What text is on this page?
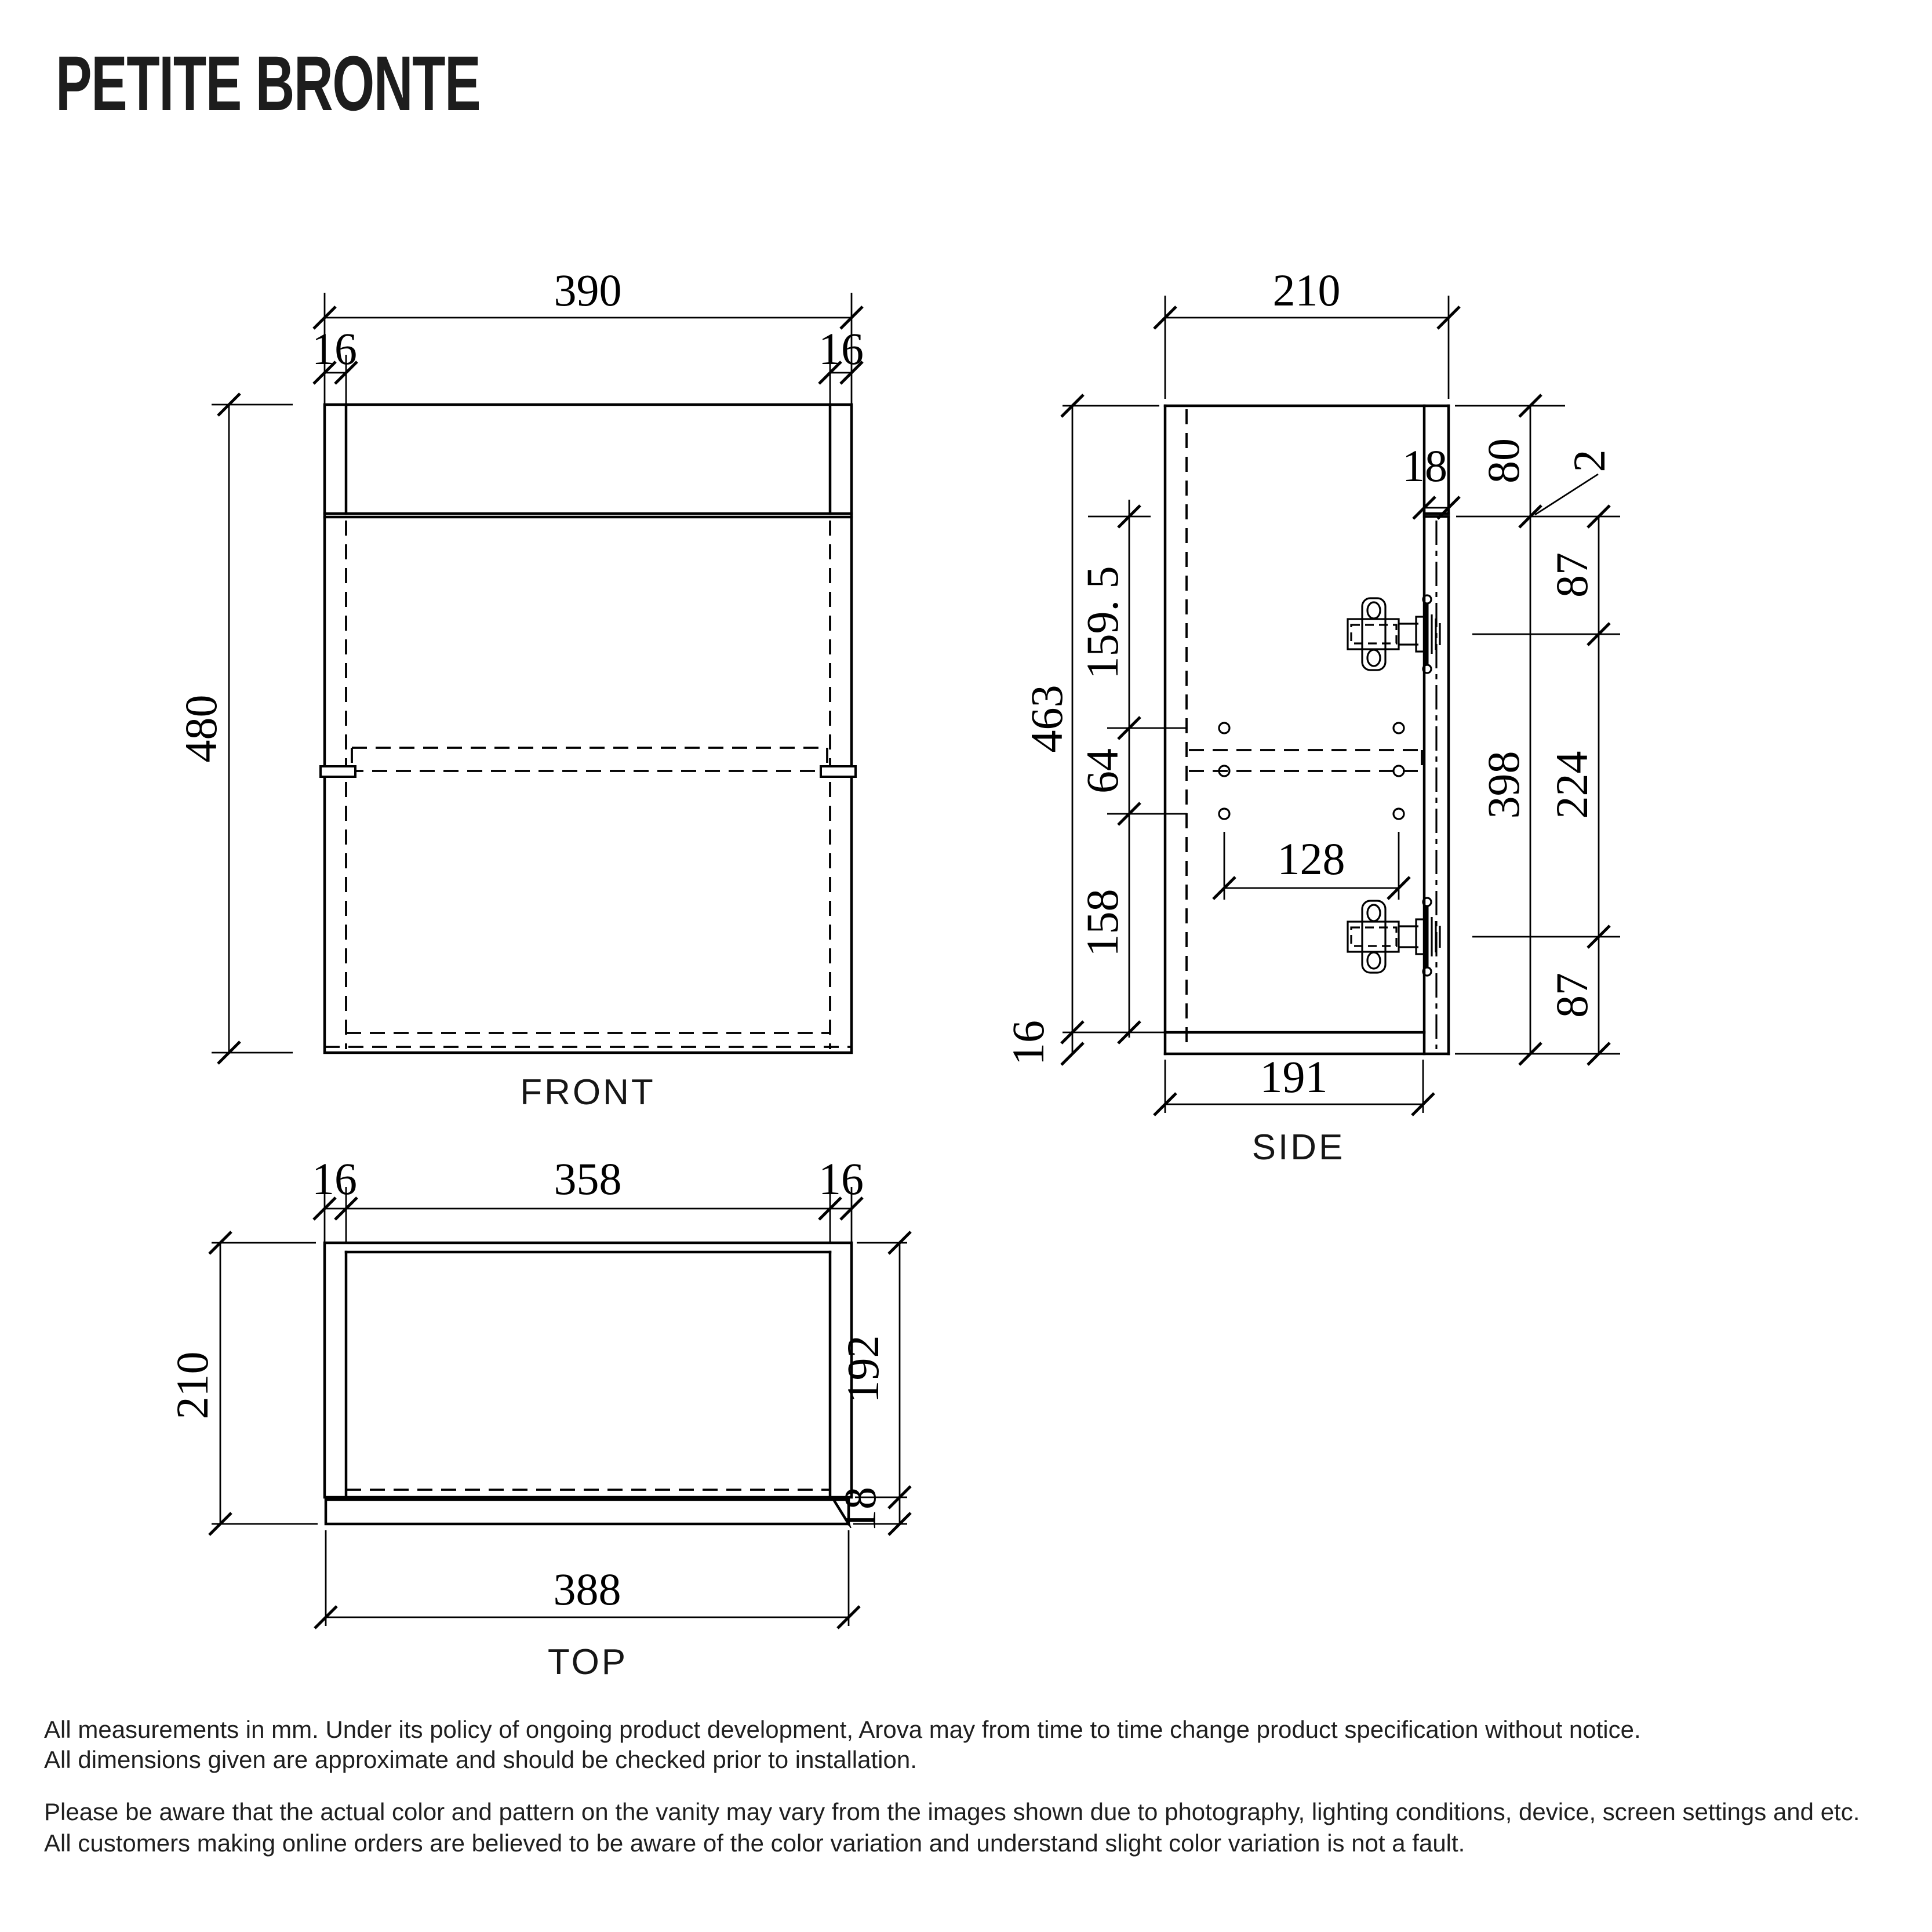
PETITE BRONTE
390
16	16
480
FRONT
210
18 80 2
87
224
87
398
463
159. 5
64
158
16
128
191
SIDE
16	358	16
210	192
18
388
TOP
All measurements in mm. Under its policy of ongoing product development, Arova may from time to time change product specification without notice.
All dimensions given are approximate and should be checked prior to installation.
Please be aware that the actual color and pattern on the vanity may vary from the images shown due to photography, lighting conditions, device, screen settings and etc.
All customers making online orders are believed to be aware of the color variation and understand slight color variation is not a fault.
